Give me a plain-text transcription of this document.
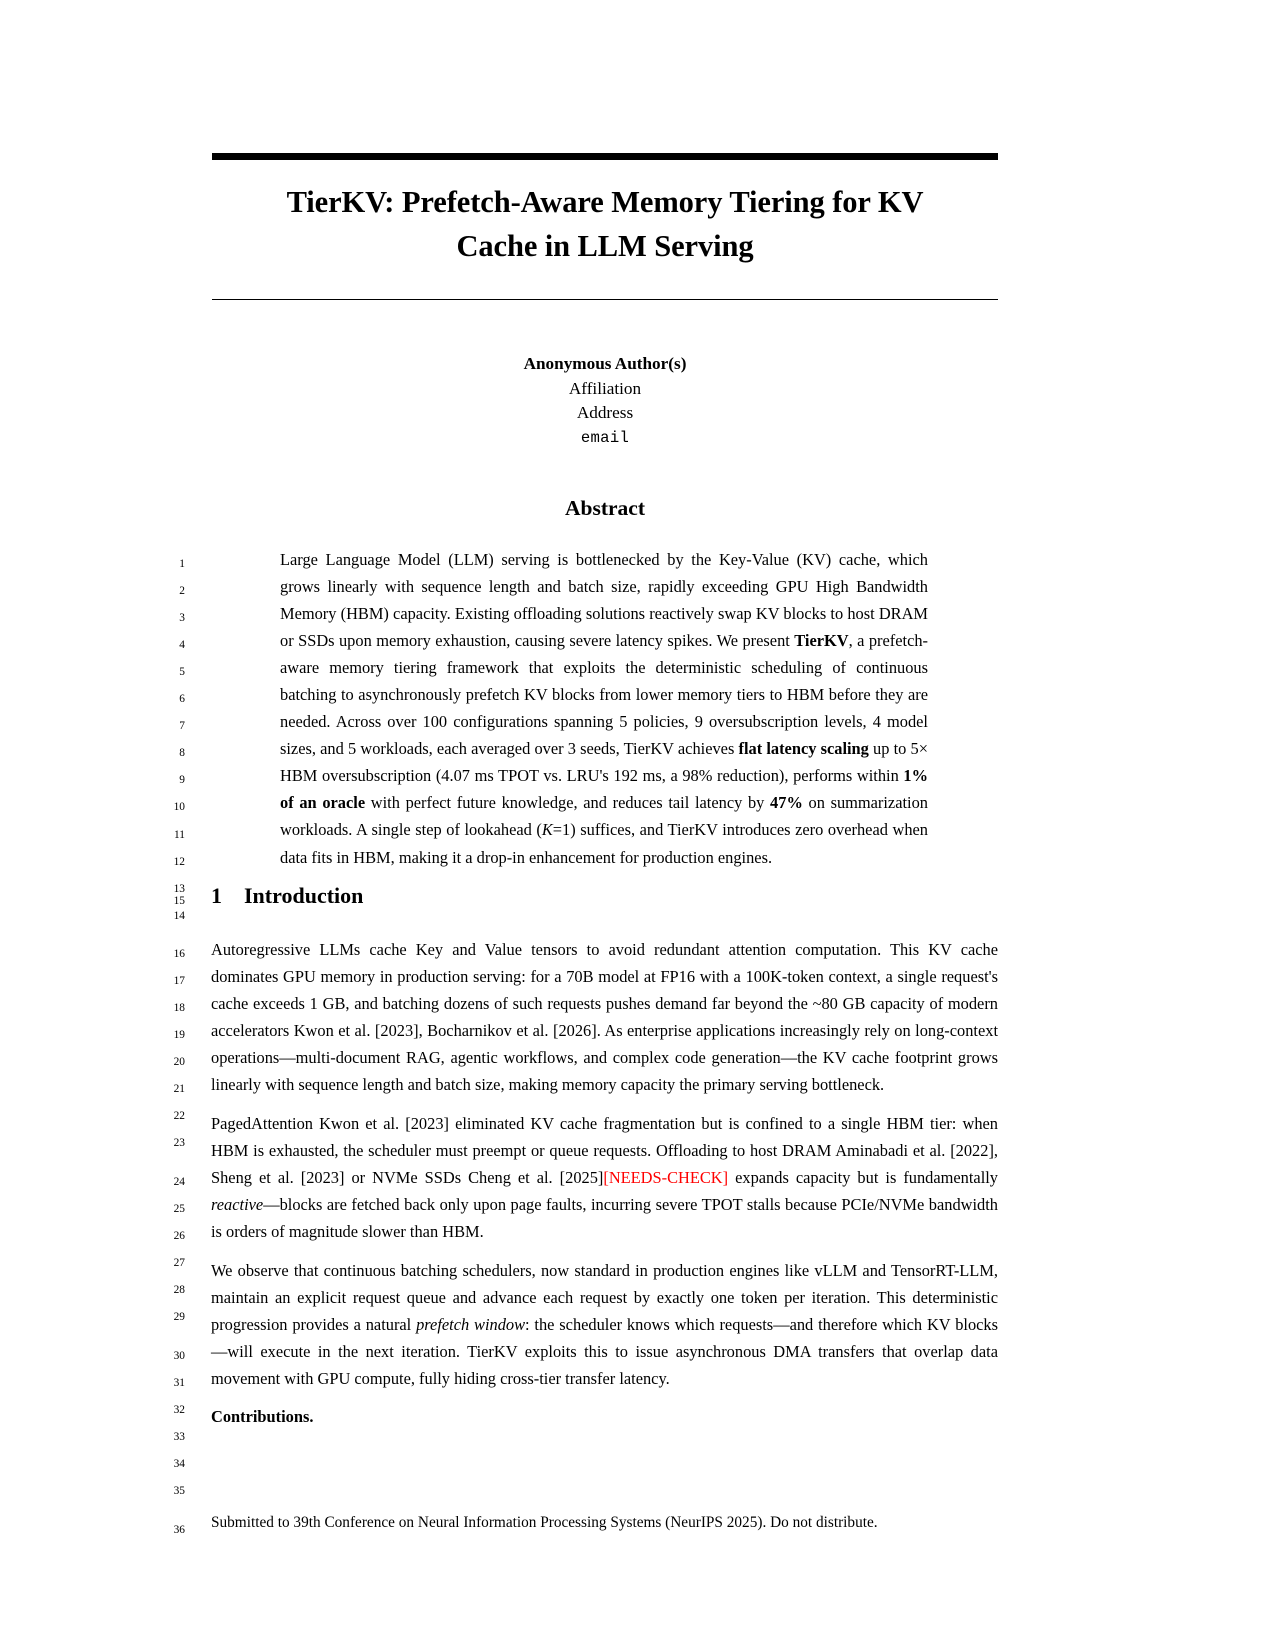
TierKV: Prefetch-Aware Memory Tiering for KV
Cache in LLM Serving
Anonymous Author(s)
Affiliation
Address
email
Abstract
Large Language Model (LLM) serving is bottlenecked by the Key-Value (KV) cache, which grows linearly with sequence length and batch size, rapidly exceeding GPU High Bandwidth Memory (HBM) capacity. Existing offloading solutions reactively swap KV blocks to host DRAM or SSDs upon memory exhaustion, causing severe latency spikes. We present TierKV, a prefetch-aware memory tiering framework that exploits the deterministic scheduling of continuous batching to asynchronously prefetch KV blocks from lower memory tiers to HBM before they are needed. Across over 100 configurations spanning 5 policies, 9 oversubscription levels, 4 model sizes, and 5 workloads, each averaged over 3 seeds, TierKV achieves flat latency scaling up to 5× HBM oversubscription (4.07 ms TPOT vs. LRU's 192 ms, a 98% reduction), performs within 1% of an oracle with perfect future knowledge, and reduces tail latency by 47% on summarization workloads. A single step of lookahead (K=1) suffices, and TierKV introduces zero overhead when data fits in HBM, making it a drop-in enhancement for production engines.
1 Introduction

Autoregressive LLMs cache Key and Value tensors to avoid redundant attention computation. This KV cache dominates GPU memory in production serving: for a 70B model at FP16 with a 100K-token context, a single request's cache exceeds 1 GB, and batching dozens of such requests pushes demand far beyond the ~80 GB capacity of modern accelerators Kwon et al. [2023], Bocharnikov et al. [2026]. As enterprise applications increasingly rely on long-context operations—multi-document RAG, agentic workflows, and complex code generation—the KV cache footprint grows linearly with sequence length and batch size, making memory capacity the primary serving bottleneck.

PagedAttention Kwon et al. [2023] eliminated KV cache fragmentation but is confined to a single HBM tier: when HBM is exhausted, the scheduler must preempt or queue requests. Offloading to host DRAM Aminabadi et al. [2022], Sheng et al. [2023] or NVMe SSDs Cheng et al. [2025][NEEDS-CHECK] expands capacity but is fundamentally reactive—blocks are fetched back only upon page faults, incurring severe TPOT stalls because PCIe/NVMe bandwidth is orders of magnitude slower than HBM.

We observe that continuous batching schedulers, now standard in production engines like vLLM and TensorRT-LLM, maintain an explicit request queue and advance each request by exactly one token per iteration. This deterministic progression provides a natural prefetch window: the scheduler knows which requests—and therefore which KV blocks—will execute in the next iteration. TierKV exploits this to issue asynchronous DMA transfers that overlap data movement with GPU compute, fully hiding cross-tier transfer latency.

Contributions.

Submitted to 39th Conference on Neural Information Processing Systems (NeurIPS 2025). Do not distribute.
1
2
3
4
5
6
7
8
9
10
11
12
13
14
15
16
17
18
19
20
21
22
23
24
25
26
27
28
29
30
31
32
33
34
35
36
